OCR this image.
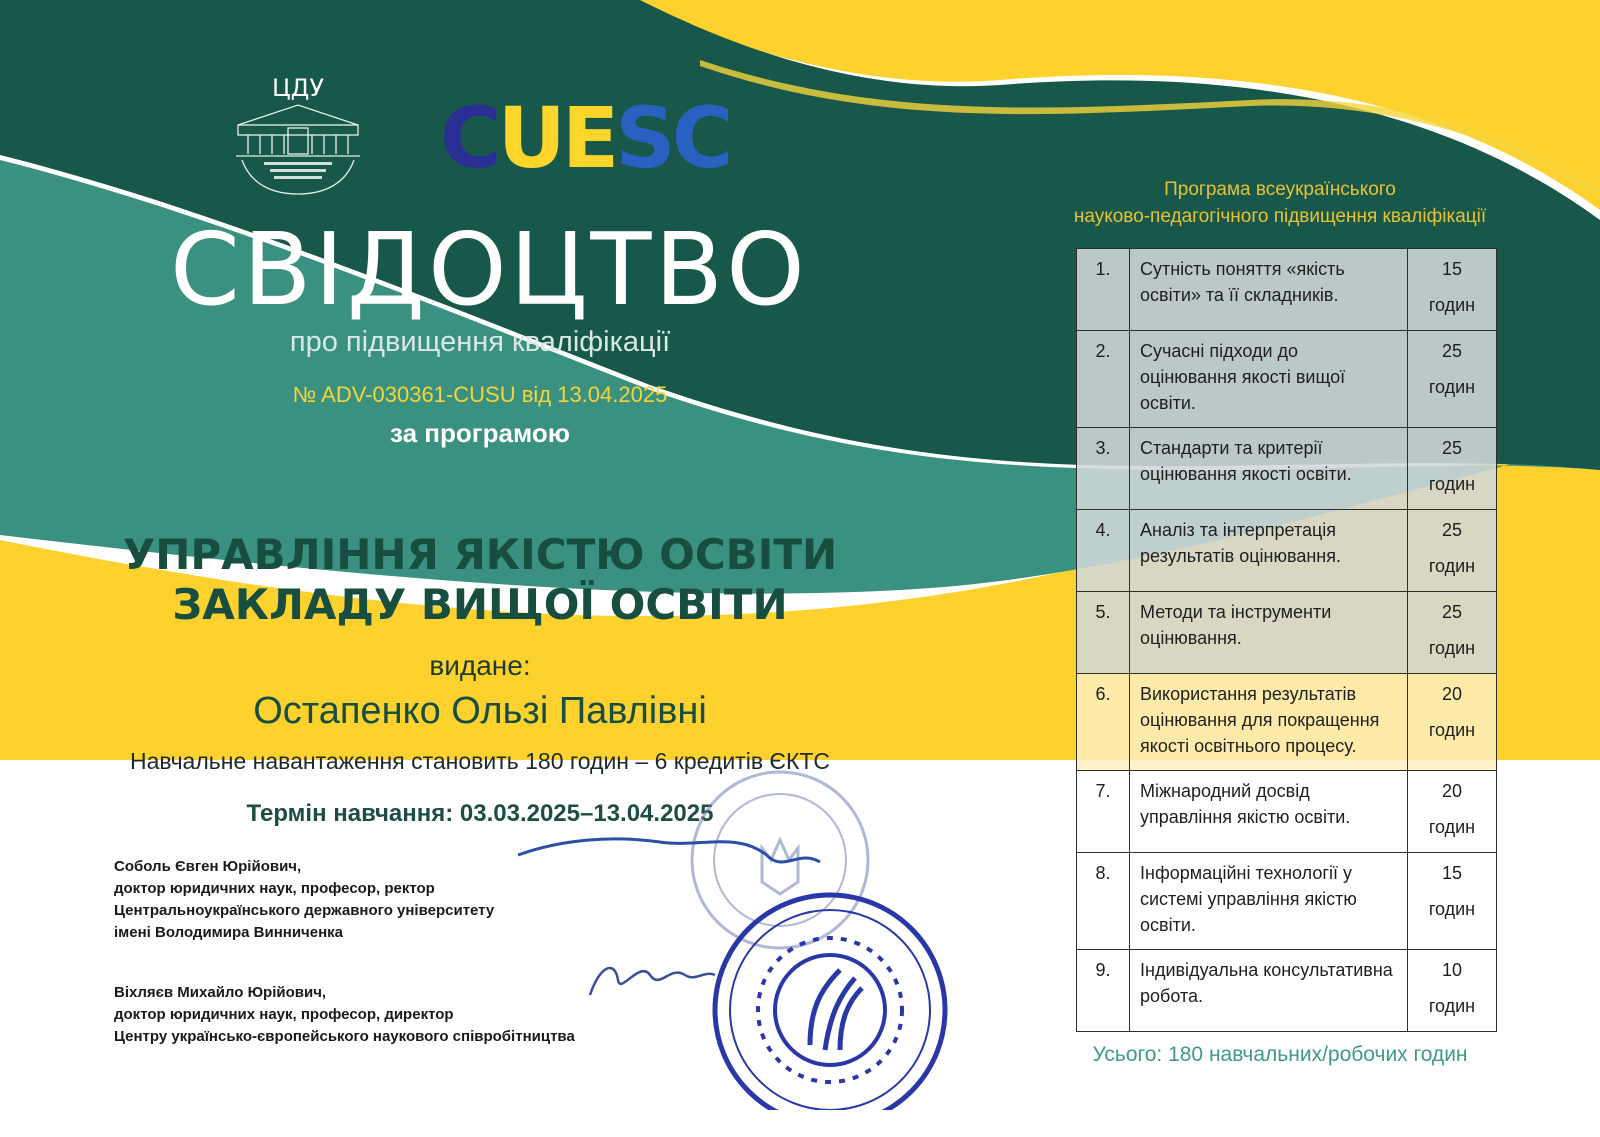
ЦДУ
CUESC
СВІДОЦТВО
про підвищення кваліфікації
№ ADV-030361-CUSU від 13.04.2025
за програмою
УПРАВЛІННЯ ЯКІСТЮ ОСВІТИ
ЗАКЛАДУ ВИЩОЇ ОСВІТИ
видане:
Остапенко Ользі Павлівні
Навчальне навантаження становить 180 годин – 6 кредитів ЄКТС
Термін навчання: 03.03.2025–13.04.2025
Соболь Євген Юрійович,
доктор юридичних наук, професор, ректор
Центральноукраїнського державного університету
імені Володимира Винниченка
Віхляєв Михайло Юрійович,
доктор юридичних наук, професор, директор
Центру українсько-європейського наукового співробітництва
Програма всеукраїнського
науково-педагогічного підвищення кваліфікації
1.	Сутність поняття «якість освіти» та її складників.	15
годин

2.	Сучасні підходи до оцінювання якості вищої освіти.	25
годин

3.	Стандарти та критерії оцінювання якості освіти.	25
годин

4.	Аналіз та інтерпретація результатів оцінювання.	25
годин

5.	Методи та інструменти оцінювання.	25
годин

6.	Використання результатів оцінювання для покращення якості освітнього процесу.	20
годин

7.	Міжнародний досвід управління якістю освіти.	20
годин

8.	Інформаційні технології у системі управління якістю освіти.	15
годин

9.	Індивідуальна консультативна робота.	10
годин
Усього: 180 навчальних/робочих годин
